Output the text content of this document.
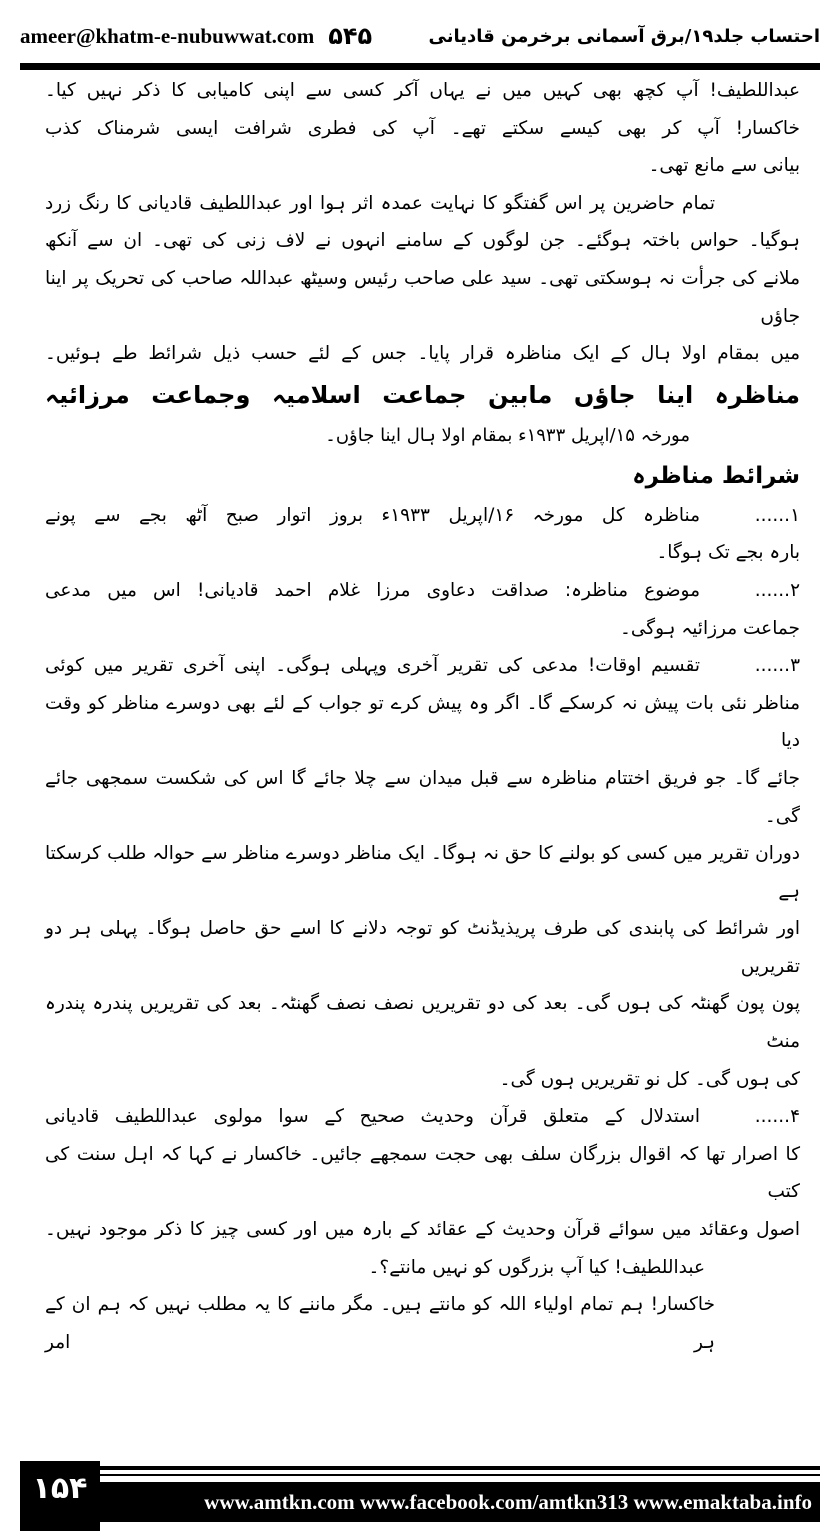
ameer@khatm-e-nubuwwat.com ۵۴۵	احتساب جلد۱۹/برق آسمانی برخرمن قادیانی
عبداللطیف! آپ کچھ بھی کہیں میں نے یہاں آکر کسی سے اپنی کامیابی کا ذکر نہیں کیا۔
خاکسار! آپ کر بھی کیسے سکتے تھے۔ آپ کی فطری شرافت ایسی شرمناک کذب
بیانی سے مانع تھی۔
تمام حاضرین پر اس گفتگو کا نہایت عمدہ اثر ہوا اور عبداللطیف قادیانی کا رنگ زرد
ہوگیا۔ حواس باختہ ہوگئے۔ جن لوگوں کے سامنے انہوں نے لاف زنی کی تھی۔ ان سے آنکھ
ملانے کی جرأت نہ ہوسکتی تھی۔ سید علی صاحب رئیس وسیٹھ عبداللہ صاحب کی تحریک پر اینا جاؤں
میں بمقام اولا ہال کے ایک مناظرہ قرار پایا۔ جس کے لئے حسب ذیل شرائط طے ہوئیں۔
مناظرہ اینا جاؤں مابین جماعت اسلامیہ وجماعت مرزائیہ
مورخہ ۱۵/اپریل ۱۹۳۳ء بمقام اولا ہال اینا جاؤں۔
شرائط مناظرہ
۱......
مناظرہ کل مورخہ ۱۶/اپریل ۱۹۳۳ء بروز اتوار صبح آٹھ بجے سے پونے
بارہ بجے تک ہوگا۔
۲......
موضوع مناظرہ: صداقت دعاوی مرزا غلام احمد قادیانی! اس میں مدعی
جماعت مرزائیہ ہوگی۔
۳......
تقسیم اوقات! مدعی کی تقریر آخری وپہلی ہوگی۔ اپنی آخری تقریر میں کوئی
مناظر نئی بات پیش نہ کرسکے گا۔ اگر وہ پیش کرے تو جواب کے لئے بھی دوسرے مناظر کو وقت دیا
جائے گا۔ جو فریق اختتام مناظرہ سے قبل میدان سے چلا جائے گا اس کی شکست سمجھی جائے گی۔
دوران تقریر میں کسی کو بولنے کا حق نہ ہوگا۔ ایک مناظر دوسرے مناظر سے حوالہ طلب کرسکتا ہے
اور شرائط کی پابندی کی طرف پریذیڈنٹ کو توجہ دلانے کا اسے حق حاصل ہوگا۔ پہلی ہر دو تقریریں
پون پون گھنٹہ کی ہوں گی۔ بعد کی دو تقریریں نصف نصف گھنٹہ۔ بعد کی تقریریں پندرہ پندرہ منٹ
کی ہوں گی۔ کل نو تقریریں ہوں گی۔
۴......
استدلال کے متعلق قرآن وحدیث صحیح کے سوا مولوی عبداللطیف قادیانی
کا اصرار تھا کہ اقوال بزرگان سلف بھی حجت سمجھے جائیں۔ خاکسار نے کہا کہ اہل سنت کی کتب
اصول وعقائد میں سوائے قرآن وحدیث کے عقائد کے بارہ میں اور کسی چیز کا ذکر موجود نہیں۔
عبداللطیف! کیا آپ بزرگوں کو نہیں مانتے؟۔
خاکسار! ہم تمام اولیاء اللہ کو مانتے ہیں۔ مگر ماننے کا یہ مطلب نہیں کہ ہم ان کے ہر امر
۱۵۴	www.amtkn.com www.facebook.com/amtkn313 www.emaktaba.info
